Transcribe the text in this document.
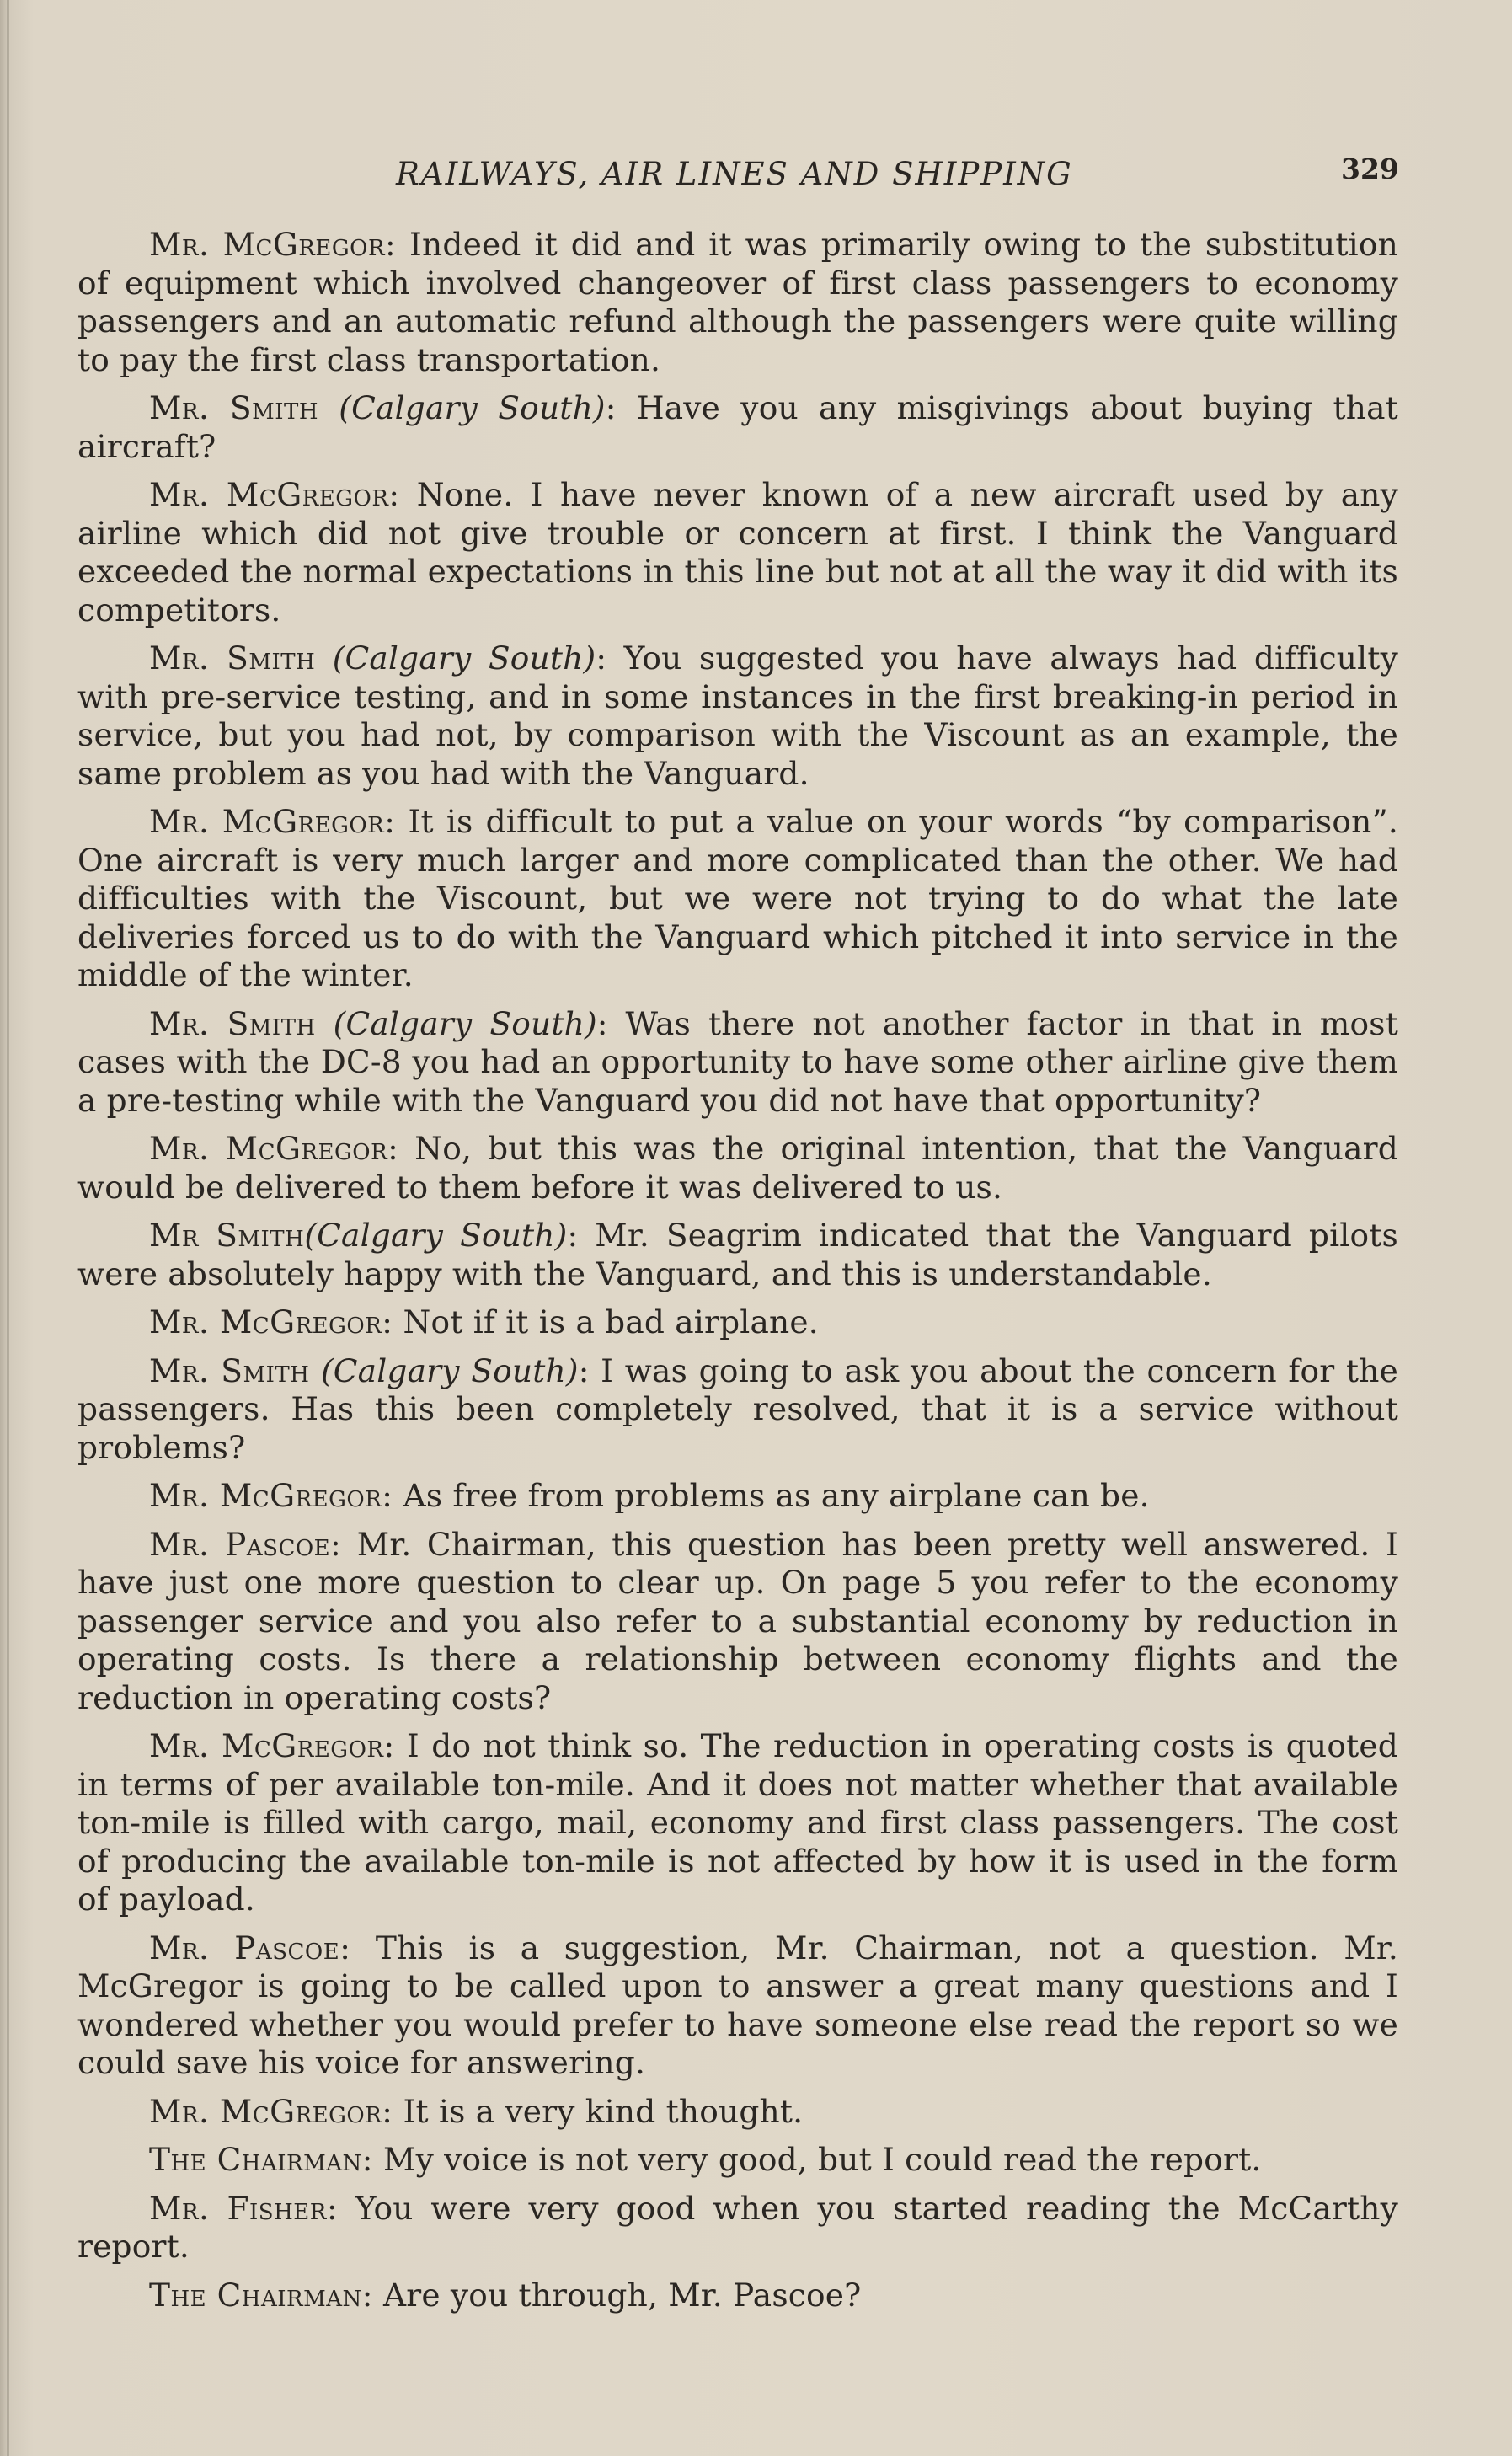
RAILWAYS, AIR LINES AND SHIPPING	329

Mr. McGregor: Indeed it did and it was primarily owing to the substitution of equipment which involved changeover of first class passengers to economy passengers and an automatic refund although the passengers were quite willing to pay the first class transportation.

Mr. Smith (Calgary South): Have you any misgivings about buying that aircraft?

Mr. McGregor: None. I have never known of a new aircraft used by any airline which did not give trouble or concern at first. I think the Vanguard exceeded the normal expectations in this line but not at all the way it did with its competitors.

Mr. Smith (Calgary South): You suggested you have always had difficulty with pre-service testing, and in some instances in the first breaking-in period in service, but you had not, by comparison with the Viscount as an example, the same problem as you had with the Vanguard.

Mr. McGregor: It is difficult to put a value on your words “by comparison”. One aircraft is very much larger and more complicated than the other. We had difficulties with the Viscount, but we were not trying to do what the late deliveries forced us to do with the Vanguard which pitched it into service in the middle of the winter.

Mr. Smith (Calgary South): Was there not another factor in that in most cases with the DC-8 you had an opportunity to have some other airline give them a pre-testing while with the Vanguard you did not have that opportunity?

Mr. McGregor: No, but this was the original intention, that the Vanguard would be delivered to them before it was delivered to us.

Mr Smith(Calgary South): Mr. Seagrim indicated that the Vanguard pilots were absolutely happy with the Vanguard, and this is understandable.

Mr. McGregor: Not if it is a bad airplane.

Mr. Smith (Calgary South): I was going to ask you about the concern for the passengers. Has this been completely resolved, that it is a service without problems?

Mr. McGregor: As free from problems as any airplane can be.

Mr. Pascoe: Mr. Chairman, this question has been pretty well answered. I have just one more question to clear up. On page 5 you refer to the economy passenger service and you also refer to a substantial economy by reduction in operating costs. Is there a relationship between economy flights and the reduction in operating costs?

Mr. McGregor: I do not think so. The reduction in operating costs is quoted in terms of per available ton-mile. And it does not matter whether that available ton-mile is filled with cargo, mail, economy and first class passengers. The cost of producing the available ton-mile is not affected by how it is used in the form of payload.

Mr. Pascoe: This is a suggestion, Mr. Chairman, not a question. Mr. McGregor is going to be called upon to answer a great many questions and I wondered whether you would prefer to have someone else read the report so we could save his voice for answering.

Mr. McGregor: It is a very kind thought.

The Chairman: My voice is not very good, but I could read the report.

Mr. Fisher: You were very good when you started reading the McCarthy report.

The Chairman: Are you through, Mr. Pascoe?
